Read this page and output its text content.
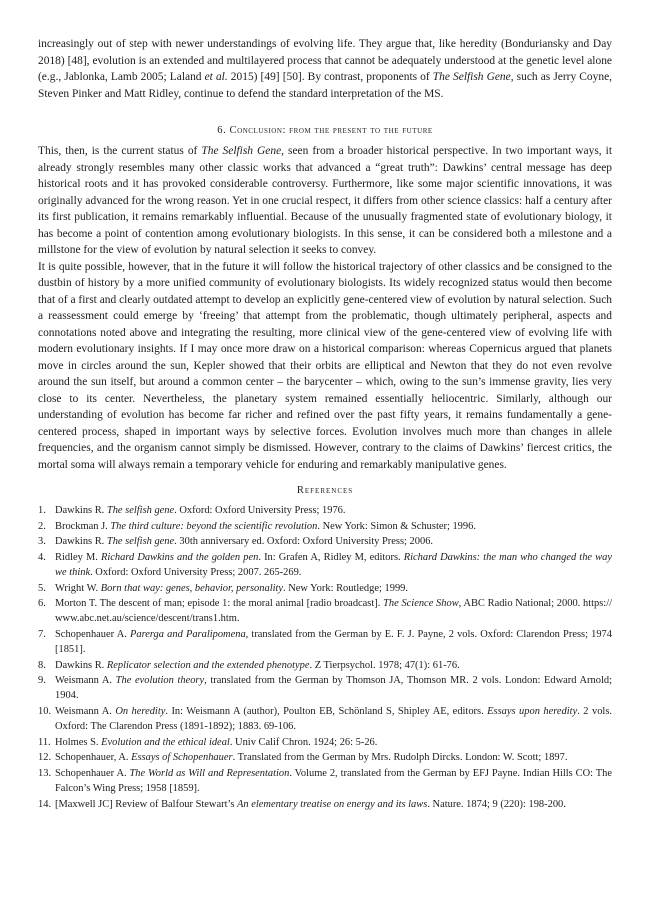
increasingly out of step with newer understandings of evolving life. They argue that, like heredity (Bonduriansky and Day 2018) [48], evolution is an extended and multilayered process that cannot be adequately understood at the genetic level alone (e.g., Jablonka, Lamb 2005; Laland et al. 2015) [49] [50]. By contrast, proponents of The Selfish Gene, such as Jerry Coyne, Steven Pinker and Matt Ridley, continue to defend the standard interpretation of the MS.

6. Conclusion: from the present to the future

This, then, is the current status of The Selfish Gene, seen from a broader historical perspective. In two important ways, it already strongly resembles many other classic works that advanced a “great truth”: Dawkins’ central message has deep historical roots and it has provoked considerable controversy. Furthermore, like some major scientific innovations, it was originally advanced for the wrong reason. Yet in one crucial respect, it differs from other science classics: half a century after its first publication, it remains remarkably influential. Because of the unusually fragmented state of evolutionary biology, it has become a point of contention among evolutionary biologists. In this sense, it can be considered both a milestone and a millstone for the view of evolution by natural selection it seeks to convey.

It is quite possible, however, that in the future it will follow the historical trajectory of other classics and be consigned to the dustbin of history by a more unified community of evolutionary biologists. Its widely recognized status would then become that of a first and clearly outdated attempt to develop an explicitly gene-centered view of evolution by natural selection. Such a reassessment could emerge by ‘freeing’ that attempt from the problematic, though ultimately peripheral, aspects and connotations noted above and integrating the resulting, more clinical view of the gene-centered view of evolving life with modern evolutionary insights. If I may once more draw on a historical comparison: whereas Copernicus argued that planets move in circles around the sun, Kepler showed that their orbits are elliptical and Newton that they do not even revolve around the sun itself, but around a common center – the barycenter – which, owing to the sun’s immense gravity, lies very close to its center. Nevertheless, the planetary system remained essentially heliocentric. Similarly, although our understanding of evolution has become far richer and refined over the past fifty years, it remains fundamentally a gene-centered process, shaped in important ways by selective forces. Evolution involves much more than changes in allele frequencies, and the organism cannot simply be dismissed. However, contrary to the claims of Dawkins’ fiercest critics, the mortal soma will always remain a temporary vehicle for enduring and remarkably manipulative genes.

References
1. Dawkins R. The selfish gene. Oxford: Oxford University Press; 1976.
2. Brockman J. The third culture: beyond the scientific revolution. New York: Simon & Schuster; 1996.
3. Dawkins R. The selfish gene. 30th anniversary ed. Oxford: Oxford University Press; 2006.
4. Ridley M. Richard Dawkins and the golden pen. In: Grafen A, Ridley M, editors. Richard Dawkins: the man who changed the way we think. Oxford: Oxford University Press; 2007. 265-269.
5. Wright W. Born that way: genes, behavior, personality. New York: Routledge; 1999.
6. Morton T. The descent of man; episode 1: the moral animal [radio broadcast]. The Science Show, ABC Radio National; 2000. https:// www.abc.net.au/science/descent/trans1.htm.
7. Schopenhauer A. Parerga and Paralipomena, translated from the German by E. F. J. Payne, 2 vols. Oxford: Clarendon Press; 1974 [1851].
8. Dawkins R. Replicator selection and the extended phenotype. Z Tierpsychol. 1978; 47(1): 61-76.
9. Weismann A. The evolution theory, translated from the German by Thomson JA, Thomson MR. 2 vols. London: Edward Arnold; 1904.
10. Weismann A. On heredity. In: Weismann A (author), Poulton EB, Schönland S, Shipley AE, editors. Essays upon heredity. 2 vols. Oxford: The Clarendon Press (1891-1892); 1883. 69-106.
11. Holmes S. Evolution and the ethical ideal. Univ Calif Chron. 1924; 26: 5-26.
12. Schopenhauer, A. Essays of Schopenhauer. Translated from the German by Mrs. Rudolph Dircks. London: W. Scott; 1897.
13. Schopenhauer A. The World as Will and Representation. Volume 2, translated from the German by EFJ Payne. Indian Hills CO: The Falcon’s Wing Press; 1958 [1859].
14. [Maxwell JC] Review of Balfour Stewart’s An elementary treatise on energy and its laws. Nature. 1874; 9 (220): 198-200.
